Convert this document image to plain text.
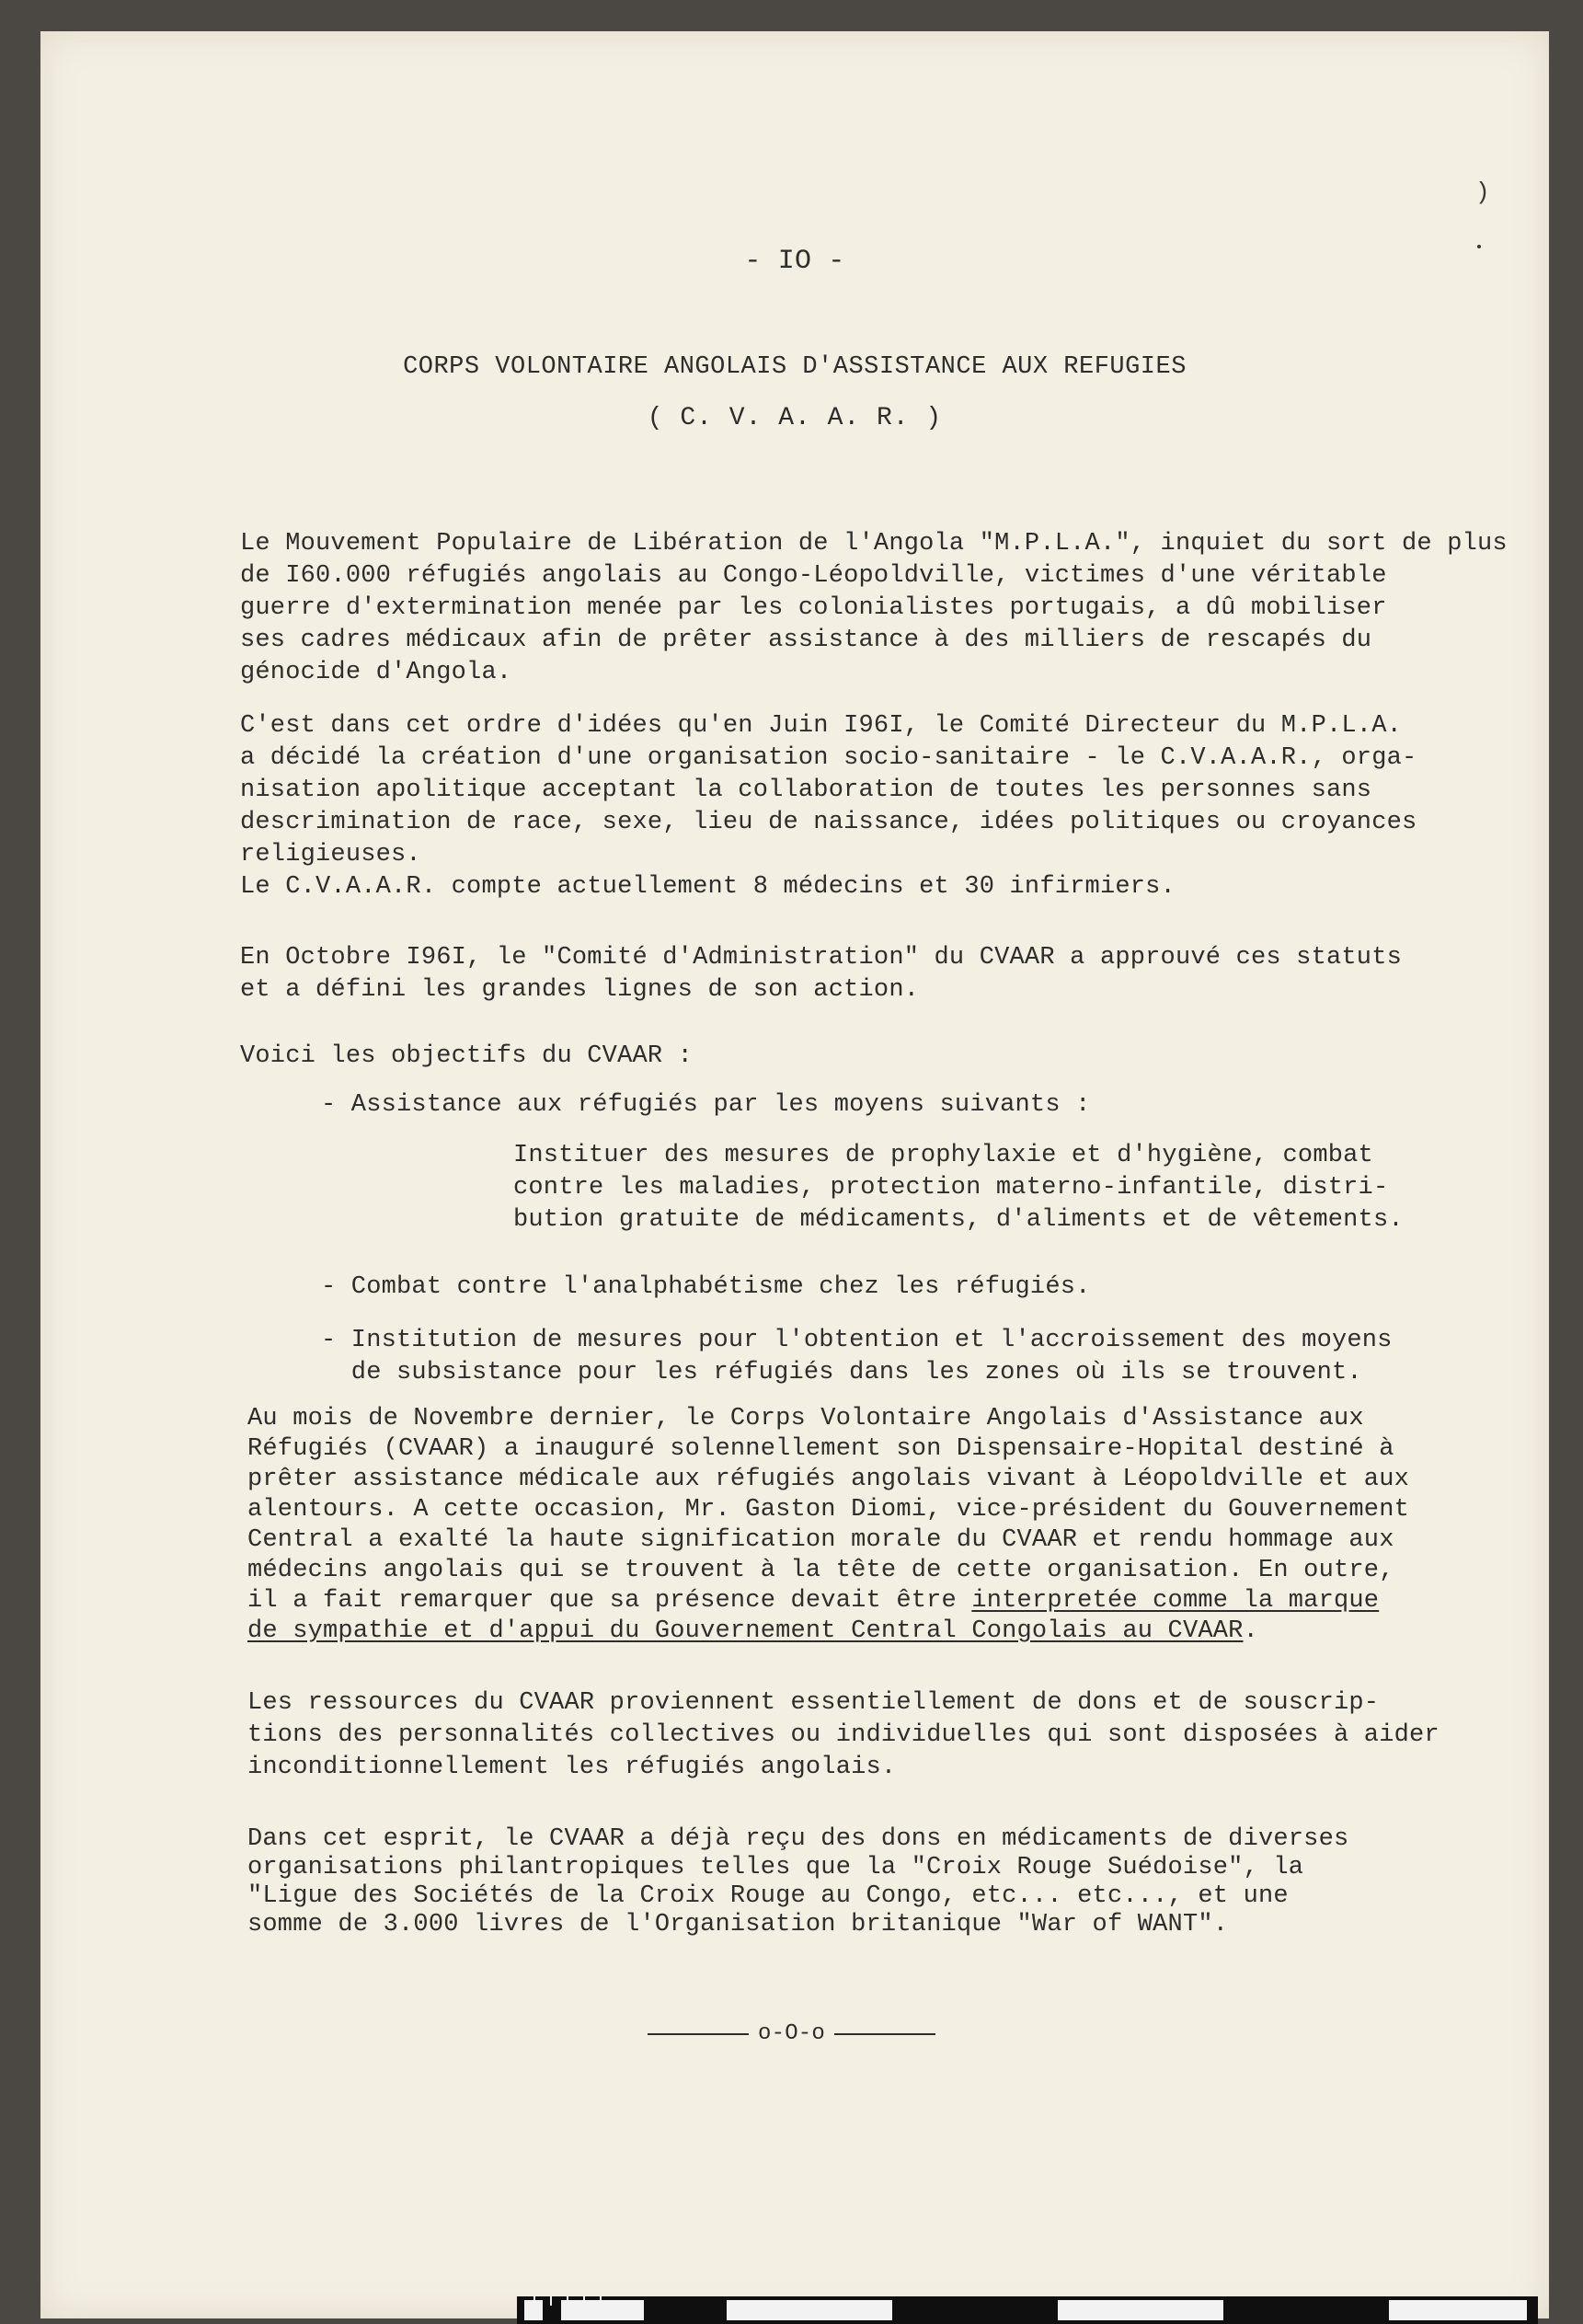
- IO -
CORPS VOLONTAIRE ANGOLAIS D'ASSISTANCE AUX REFUGIES
( C. V. A. A. R. )

Le Mouvement Populaire de Libération de l'Angola "M.P.L.A.", inquiet du sort de plus
de I60.000 réfugiés angolais au Congo-Léopoldville, victimes d'une véritable
guerre d'extermination menée par les colonialistes portugais, a dû mobiliser
ses cadres médicaux afin de prêter assistance à des milliers de rescapés du
génocide d'Angola.

C'est dans cet ordre d'idées qu'en Juin I96I, le Comité Directeur du M.P.L.A.
a décidé la création d'une organisation socio-sanitaire - le C.V.A.A.R., orga-
nisation apolitique acceptant la collaboration de toutes les personnes sans
descrimination de race, sexe, lieu de naissance, idées politiques ou croyances
religieuses.
Le C.V.A.A.R. compte actuellement 8 médecins et 30 infirmiers.

En Octobre I96I, le "Comité d'Administration" du CVAAR a approuvé ces statuts
et a défini les grandes lignes de son action.

Voici les objectifs du CVAAR :

- Assistance aux réfugiés par les moyens suivants :

Instituer des mesures de prophylaxie et d'hygiène, combat
contre les maladies, protection materno-infantile, distri-
bution gratuite de médicaments, d'aliments et de vêtements.

- Combat contre l'analphabétisme chez les réfugiés.

- Institution de mesures pour l'obtention et l'accroissement des moyens
de subsistance pour les réfugiés dans les zones où ils se trouvent.

Au mois de Novembre dernier, le Corps Volontaire Angolais d'Assistance aux
Réfugiés (CVAAR) a inauguré solennellement son Dispensaire-Hopital destiné à
prêter assistance médicale aux réfugiés angolais vivant à Léopoldville et aux
alentours. A cette occasion, Mr. Gaston Diomi, vice-président du Gouvernement
Central a exalté la haute signification morale du CVAAR et rendu hommage aux
médecins angolais qui se trouvent à la tête de cette organisation. En outre,
il a fait remarquer que sa présence devait être interpretée comme la marque
de sympathie et d'appui du Gouvernement Central Congolais au CVAAR.

Les ressources du CVAAR proviennent essentiellement de dons et de souscrip-
tions des personnalités collectives ou individuelles qui sont disposées à aider
inconditionnellement les réfugiés angolais.

Dans cet esprit, le CVAAR a déjà reçu des dons en médicaments de diverses
organisations philantropiques telles que la "Croix Rouge Suédoise", la
"Ligue des Sociétés de la Croix Rouge au Congo, etc... etc..., et une
somme de 3.000 livres de l'Organisation britanique "War of WANT".

o-O-o
)
